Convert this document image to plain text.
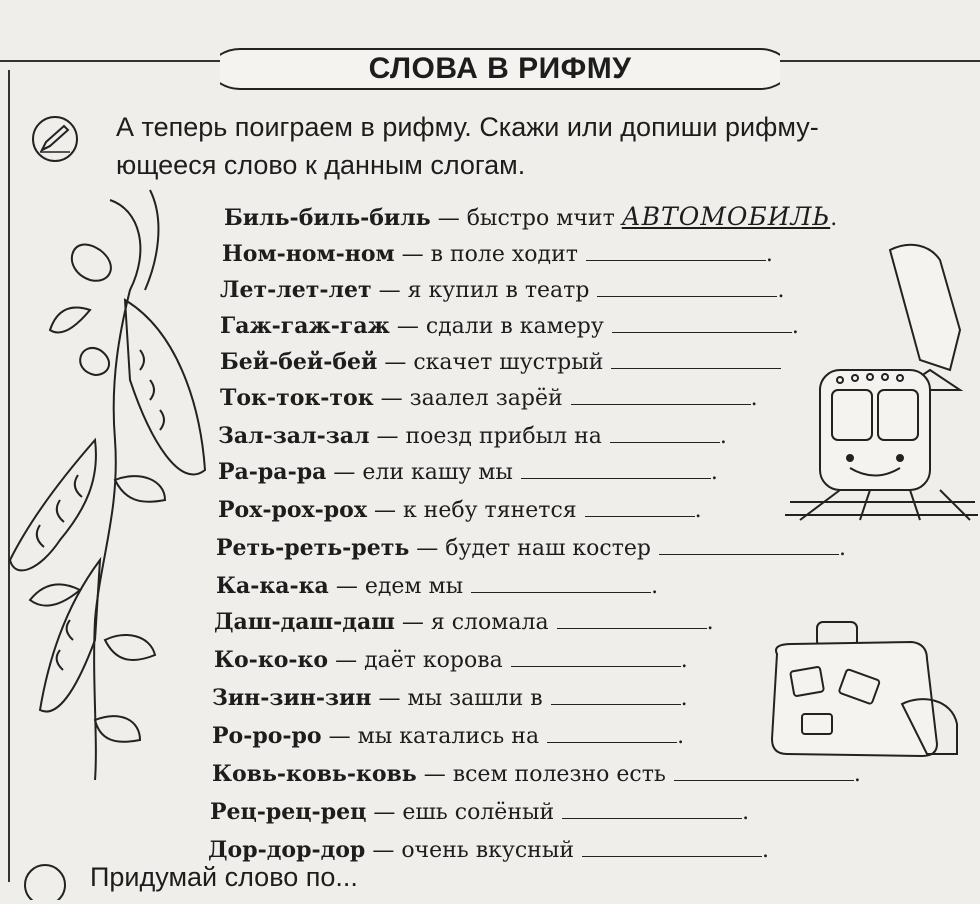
СЛОВА В РИФМУ
А теперь поиграем в рифму. Скажи или допиши рифму-
ющееся слово к данным слогам.
Биль-биль-биль — быстро мчит АВТОМОБИЛЬ.
Ном-ном-ном — в поле ходит	.
Лет-лет-лет — я купил в театр	.
Гаж-гаж-гаж — сдали в камеру	.
Бей-бей-бей — скачет шустрый
Ток-ток-ток — заалел зарёй	.
Зал-зал-зал — поезд прибыл на	.
Ра-ра-ра — ели кашу мы	.
Рох-рох-рох — к небу тянется	.
Реть-реть-реть — будет наш костер	.
Ка-ка-ка — едем мы	.
Даш-даш-даш — я сломала	.
Ко-ко-ко — даёт корова	.
Зин-зин-зин — мы зашли в	.
Ро-ро-ро — мы катались на	.
Ковь-ковь-ковь — всем полезно есть	.
Рец-рец-рец — ешь солёный	.
Дор-дор-дор — очень вкусный	.
Придумай слово по...
